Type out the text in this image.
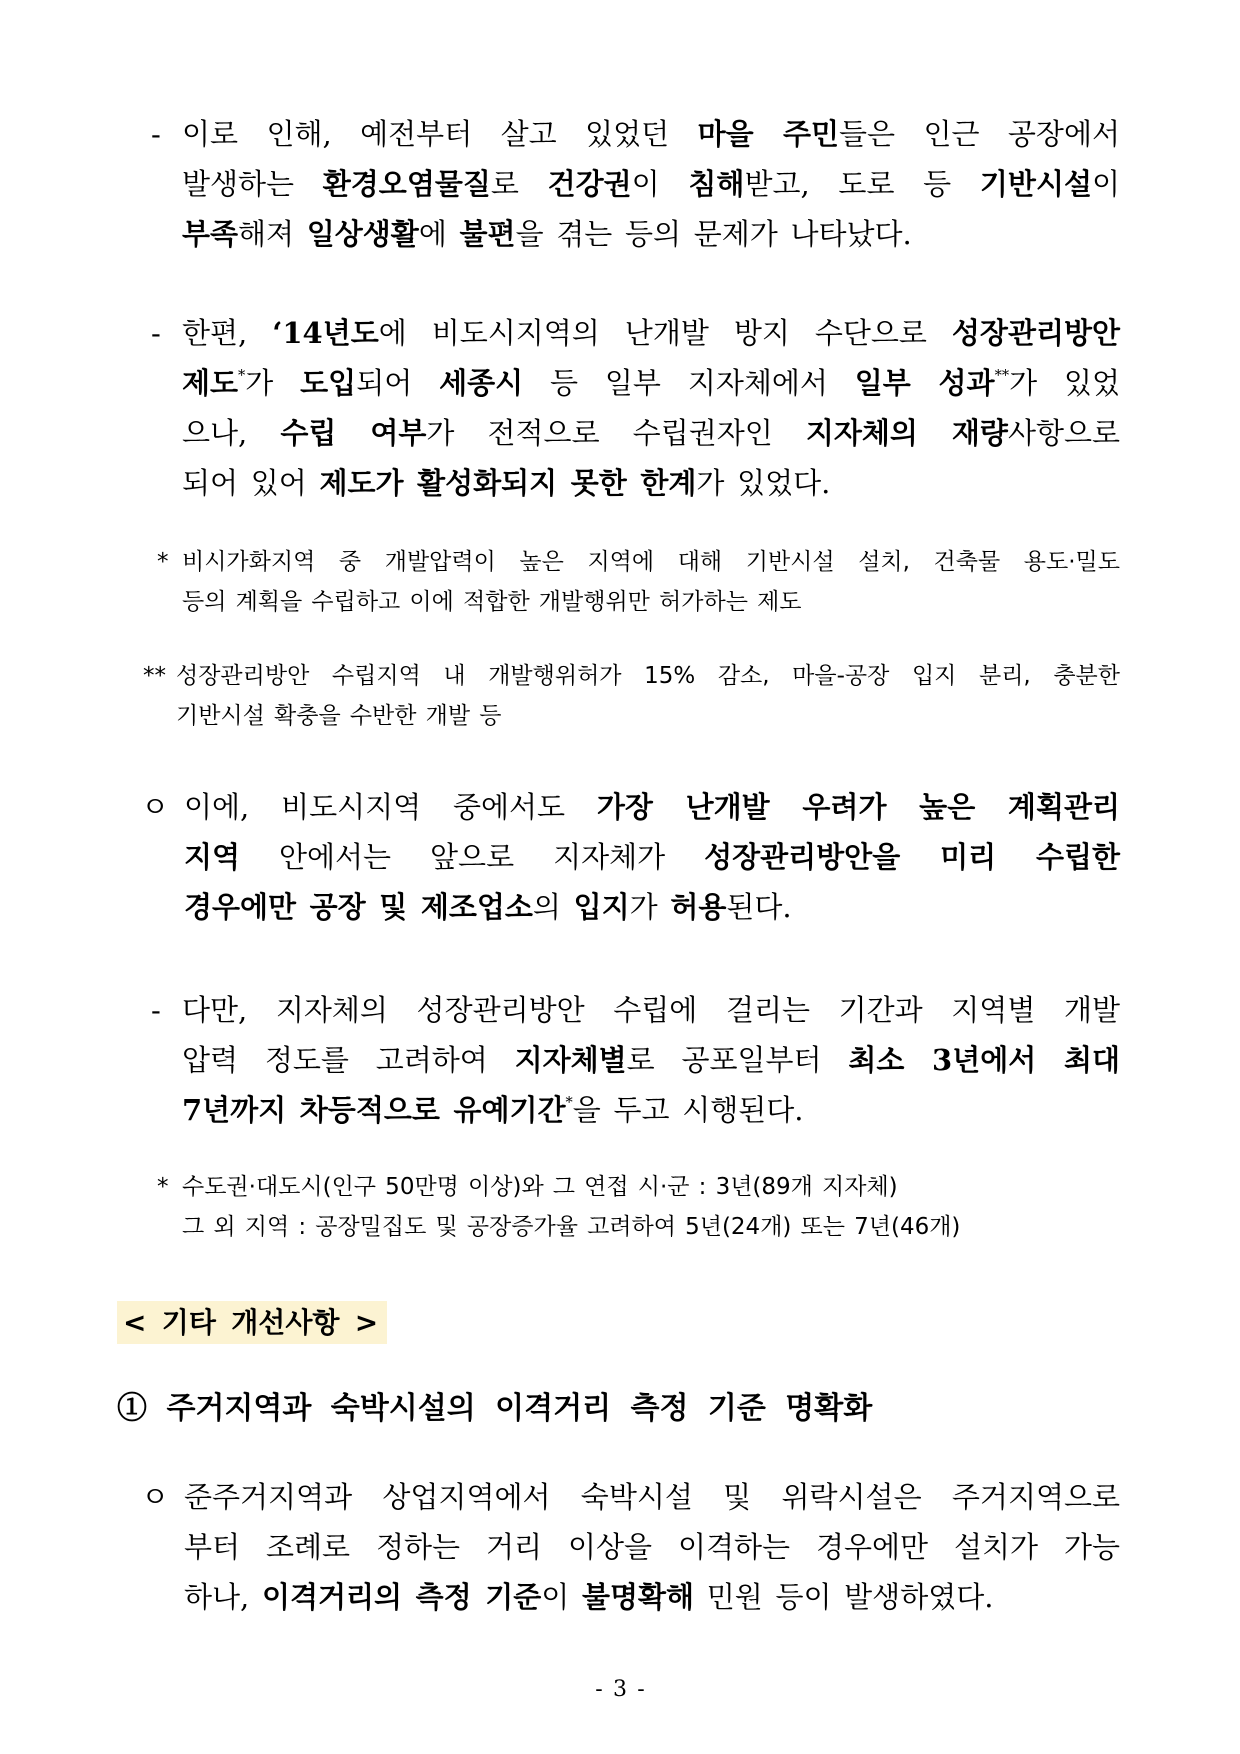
- 이로 인해, 예전부터 살고 있었던 마을 주민들은 인근 공장에서
발생하는 환경오염물질로 건강권이 침해받고, 도로 등 기반시설이
부족해져 일상생활에 불편을 겪는 등의 문제가 나타났다.
- 한편, ‘14년도에 비도시지역의 난개발 방지 수단으로 성장관리방안
제도*가 도입되어 세종시 등 일부 지자체에서 일부 성과**가 있었
으나, 수립 여부가 전적으로 수립권자인 지자체의 재량사항으로
되어 있어 제도가 활성화되지 못한 한계가 있었다.
* 비시가화지역 중 개발압력이 높은 지역에 대해 기반시설 설치, 건축물 용도·밀도
등의 계획을 수립하고 이에 적합한 개발행위만 허가하는 제도
** 성장관리방안 수립지역 내 개발행위허가 15% 감소, 마을-공장 입지 분리, 충분한
기반시설 확충을 수반한 개발 등
ㅇ 이에, 비도시지역 중에서도 가장 난개발 우려가 높은 계획관리
지역 안에서는 앞으로 지자체가 성장관리방안을 미리 수립한
경우에만 공장 및 제조업소의 입지가 허용된다.
- 다만, 지자체의 성장관리방안 수립에 걸리는 기간과 지역별 개발
압력 정도를 고려하여 지자체별로 공포일부터 최소 3년에서 최대
7년까지 차등적으로 유예기간*을 두고 시행된다.
* 수도권·대도시(인구 50만명 이상)와 그 연접 시·군 : 3년(89개 지자체)
그 외 지역 : 공장밀집도 및 공장증가율 고려하여 5년(24개) 또는 7년(46개)
< 기타 개선사항 >
① 주거지역과 숙박시설의 이격거리 측정 기준 명확화
ㅇ 준주거지역과 상업지역에서 숙박시설 및 위락시설은 주거지역으로
부터 조례로 정하는 거리 이상을 이격하는 경우에만 설치가 가능
하나, 이격거리의 측정 기준이 불명확해 민원 등이 발생하였다.
- 3 -
